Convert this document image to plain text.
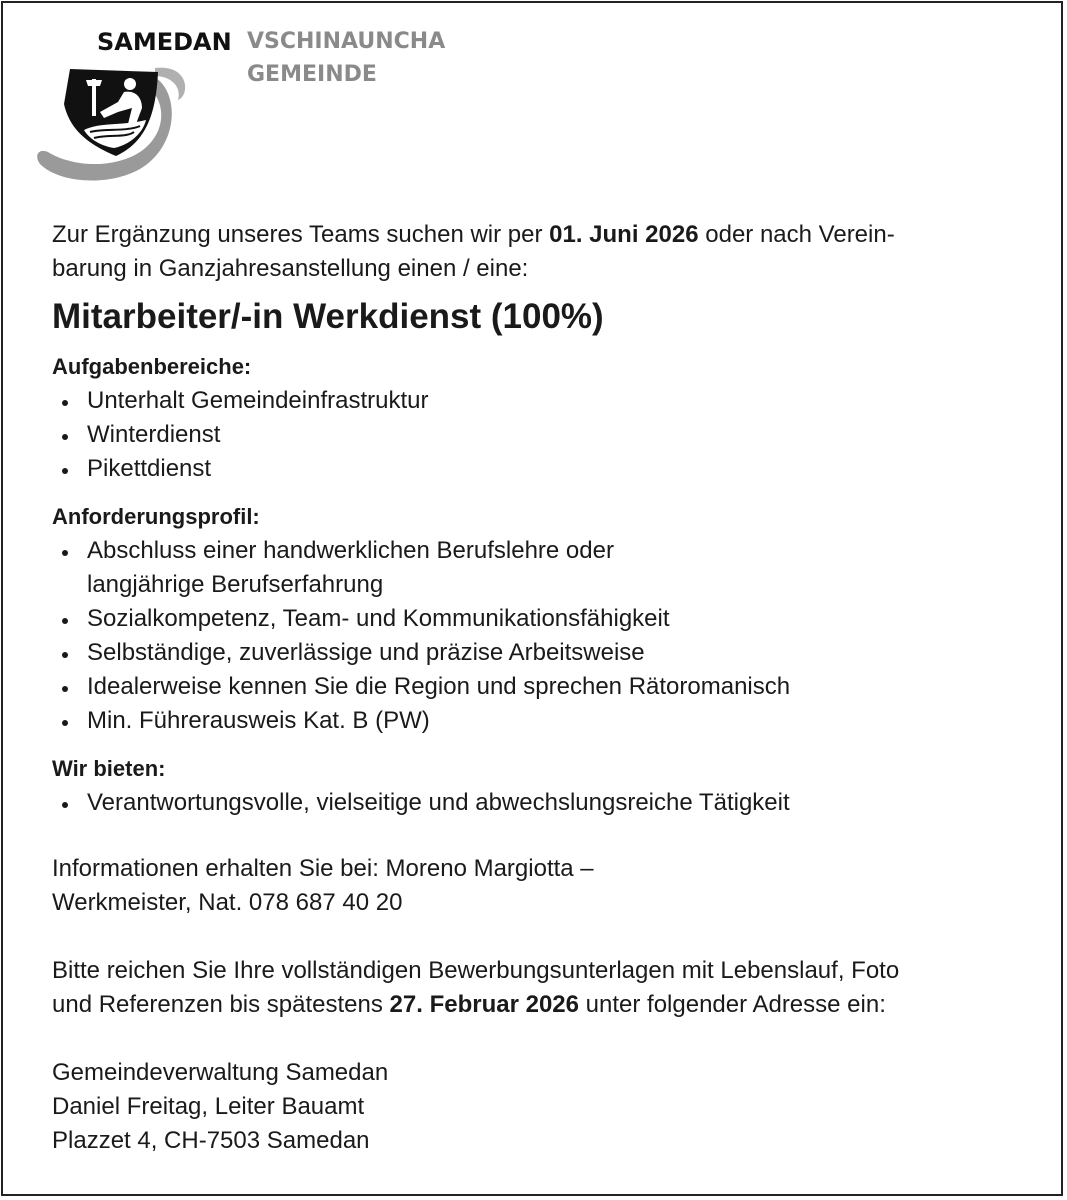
SAMEDAN VSCHINAUNCHA
GEMEINDE

Zur Ergänzung unseres Teams suchen wir per 01. Juni 2026 oder nach Verein-
barung in Ganzjahresanstellung einen / eine:

Mitarbeiter/-in Werkdienst (100%)
Aufgabenbereiche:
Unterhalt Gemeindeinfrastruktur
Winterdienst
Pikettdienst
Anforderungsprofil:
Abschluss einer handwerklichen Berufslehre oder
langjährige Berufserfahrung
Sozialkompetenz, Team- und Kommunikationsfähigkeit
Selbständige, zuverlässige und präzise Arbeitsweise
Idealerweise kennen Sie die Region und sprechen Rätoromanisch
Min. Führerausweis Kat. B (PW)
Wir bieten:
Verantwortungsvolle, vielseitige und abwechslungsreiche Tätigkeit

Informationen erhalten Sie bei: Moreno Margiotta –
Werkmeister, Nat. 078 687 40 20

Bitte reichen Sie Ihre vollständigen Bewerbungsunterlagen mit Lebenslauf, Foto
und Referenzen bis spätestens 27. Februar 2026 unter folgender Adresse ein:

Gemeindeverwaltung Samedan
Daniel Freitag, Leiter Bauamt
Plazzet 4, CH-7503 Samedan
